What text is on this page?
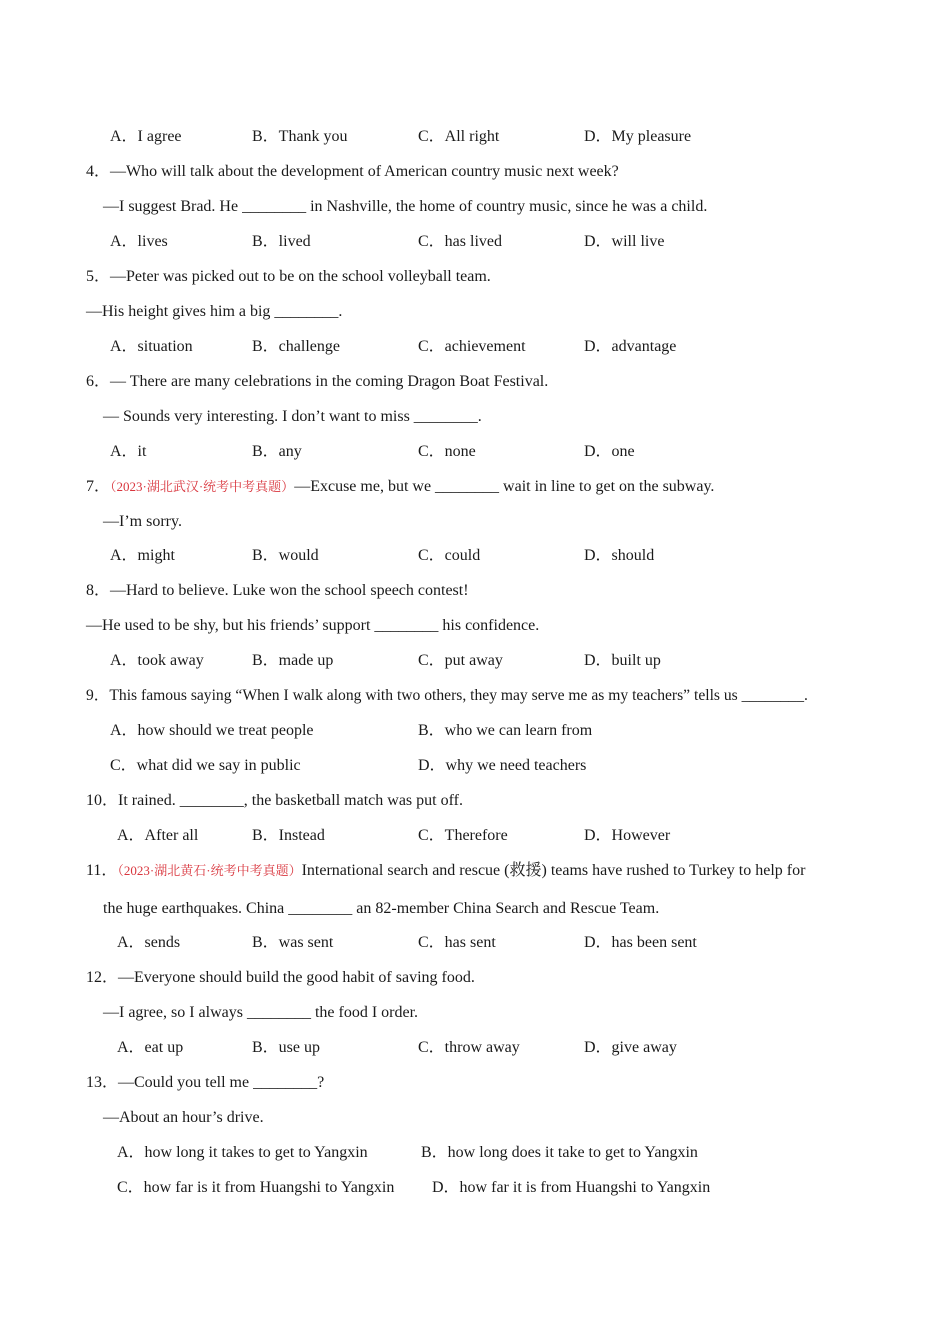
A．I agree	B．Thank you	C．All right	D．My pleasure
4．—Who will talk about the development of American country music next week?
—I suggest Brad. He ________ in Nashville, the home of country music, since he was a child.
A．lives	B．lived	C．has lived	D．will live
5．—Peter was picked out to be on the school volleyball team.
—His height gives him a big ________.
A．situation	B．challenge	C．achievement	D．advantage
6．— There are many celebrations in the coming Dragon Boat Festival.
— Sounds very interesting. I don’t want to miss ________.
A．it	B．any	C．none	D．one
7．（2023·湖北武汉·统考中考真题）—Excuse me, but we ________ wait in line to get on the subway.
—I’m sorry.
A．might	B．would	C．could	D．should
8．—Hard to believe. Luke won the school speech contest!
—He used to be shy, but his friends’ support ________ his confidence.
A．took away	B．made up	C．put away	D．built up
9．This famous saying “When I walk along with two others, they may serve me as my teachers” tells us ________.
A．how should we treat people	B．who we can learn from
C．what did we say in public	D．why we need teachers
10．It rained. ________, the basketball match was put off.
A．After all	B．Instead	C．Therefore	D．However
11．（2023·湖北黄石·统考中考真题）International search and rescue (救援) teams have rushed to Turkey to help for
the huge earthquakes. China ________ an 82-member China Search and Rescue Team.
A．sends	B．was sent	C．has sent	D．has been sent
12．—Everyone should build the good habit of saving food.
—I agree, so I always ________ the food I order.
A．eat up	B．use up	C．throw away	D．give away
13．—Could you tell me ________?
—About an hour’s drive.
A．how long it takes to get to Yangxin	B．how long does it take to get to Yangxin
C．how far is it from Huangshi to Yangxin D．how far it is from Huangshi to Yangxin
